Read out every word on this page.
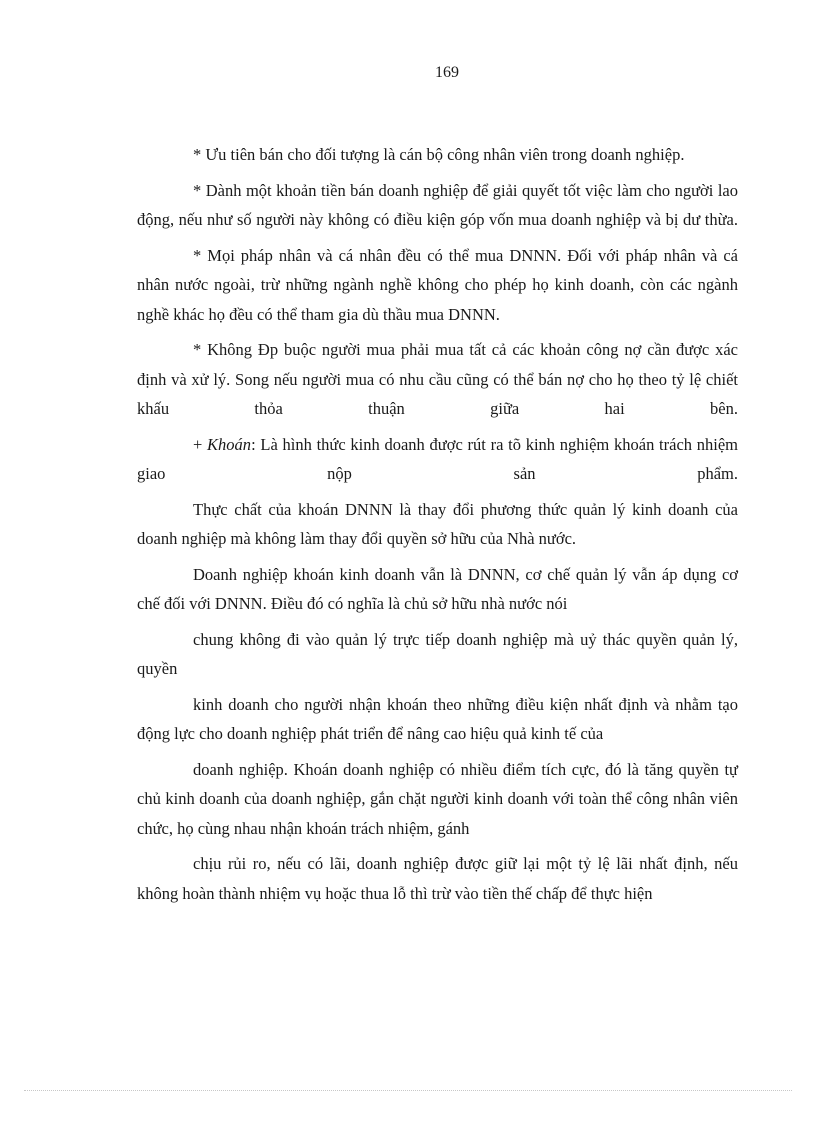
169

* Ưu tiên bán cho đối tượng là cán bộ công nhân viên trong doanh nghiệp.

* Dành một khoản tiền bán doanh nghiệp để giải quyết tốt việc làm cho người lao động, nếu như số người này không có điều kiện góp vốn mua doanh nghiệp và bị dư thừa.

* Mọi pháp nhân và cá nhân đều có thể mua DNNN. Đối với pháp nhân và cá nhân nước ngoài, trừ những ngành nghề không cho phép họ kinh doanh, còn các ngành nghề khác họ đều có thể tham gia dù thầu mua DNNN.

* Không Đp buộc người mua phải mua tất cả các khoản công nợ cần được xác định và xử lý. Song nếu người mua có nhu cầu cũng có thể bán nợ cho họ theo tỷ lệ chiết khấu thỏa thuận giữa hai bên.

+ Khoán: Là hình thức kinh doanh được rút ra tõ kinh nghiệm khoán trách nhiệm giao nộp sản phẩm.

Thực chất của khoán DNNN là thay đổi phương thức quản lý kinh doanh của doanh nghiệp mà không làm thay đổi quyền sở hữu của Nhà nước.

Doanh nghiệp khoán kinh doanh vẫn là DNNN, cơ chế quản lý vẫn áp dụng cơ chế đối với DNNN. Điều đó có nghĩa là chủ sở hữu nhà nước nói

chung không đi vào quản lý trực tiếp doanh nghiệp mà uỷ thác quyền quản lý, quyền

kinh doanh cho người nhận khoán theo những điều kiện nhất định và nhằm tạo động lực cho doanh nghiệp phát triển để nâng cao hiệu quả kinh tế của

doanh nghiệp. Khoán doanh nghiệp có nhiều điểm tích cực, đó là tăng quyền tự chủ kinh doanh của doanh nghiệp, gắn chặt người kinh doanh với toàn thể công nhân viên chức, họ cùng nhau nhận khoán trách nhiệm, gánh

chịu rủi ro, nếu có lãi, doanh nghiệp được giữ lại một tỷ lệ lãi nhất định, nếu không hoàn thành nhiệm vụ hoặc thua lỗ thì trừ vào tiền thế chấp để thực hiện
